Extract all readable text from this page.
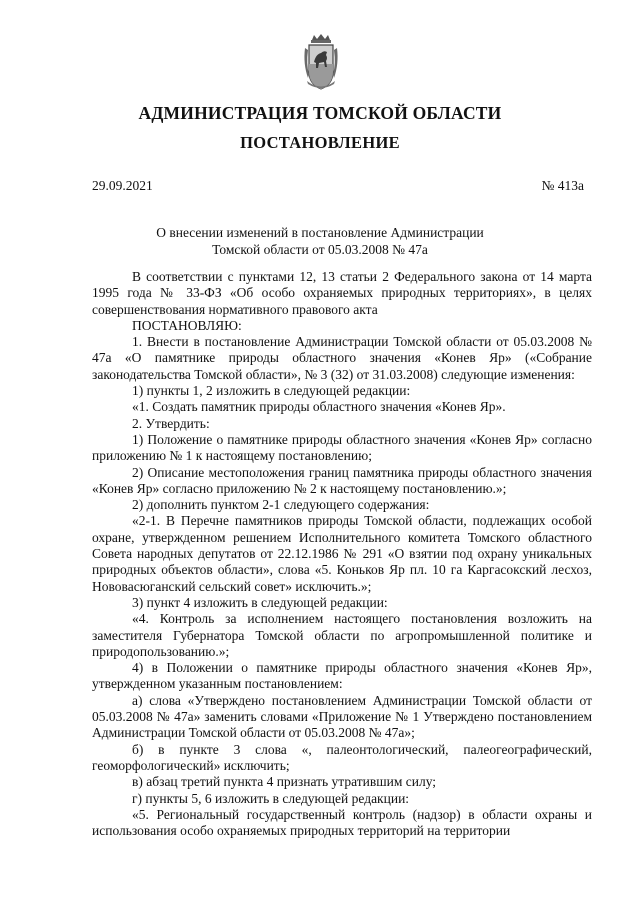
АДМИНИСТРАЦИЯ ТОМСКОЙ ОБЛАСТИ
ПОСТАНОВЛЕНИЕ
29.09.2021	№ 413а
О внесении изменений в постановление Администрации
Томской области от 05.03.2008 № 47а

В соответствии с пунктами 12, 13 статьи 2 Федерального закона от 14 марта 1995 года № 33-ФЗ «Об особо охраняемых природных территориях», в целях совершенствования нормативного правового акта

ПОСТАНОВЛЯЮ:

1. Внести в постановление Администрации Томской области от 05.03.2008 № 47а «О памятнике природы областного значения «Конев Яр» («Собрание законодательства Томской области», № 3 (32) от 31.03.2008) следующие изменения:

1) пункты 1, 2 изложить в следующей редакции:

«1. Создать памятник природы областного значения «Конев Яр».

2. Утвердить:

1) Положение о памятнике природы областного значения «Конев Яр» согласно приложению № 1 к настоящему постановлению;

2) Описание местоположения границ памятника природы областного значения «Конев Яр» согласно приложению № 2 к настоящему постановлению.»;

2) дополнить пунктом 2-1 следующего содержания:

«2-1. В Перечне памятников природы Томской области, подлежащих особой охране, утвержденном решением Исполнительного комитета Томского областного Совета народных депутатов от 22.12.1986 № 291 «О взятии под охрану уникальных природных объектов области», слова «5. Коньков Яр пл. 10 га Каргасокский лесхоз, Нововасюганский сельский совет» исключить.»;

3) пункт 4 изложить в следующей редакции:

«4. Контроль за исполнением настоящего постановления возложить на заместителя Губернатора Томской области по агропромышленной политике и природопользованию.»;

4) в Положении о памятнике природы областного значения «Конев Яр», утвержденном указанным постановлением:

а) слова «Утверждено постановлением Администрации Томской области от 05.03.2008 № 47а» заменить словами «Приложение № 1 Утверждено постановлением Администрации Томской области от 05.03.2008 № 47а»;

б) в пункте 3 слова «, палеонтологический, палеогеографический, геоморфологический» исключить;

в) абзац третий пункта 4 признать утратившим силу;

г) пункты 5, 6 изложить в следующей редакции:

«5. Региональный государственный контроль (надзор) в области охраны и использования особо охраняемых природных территорий на территории
